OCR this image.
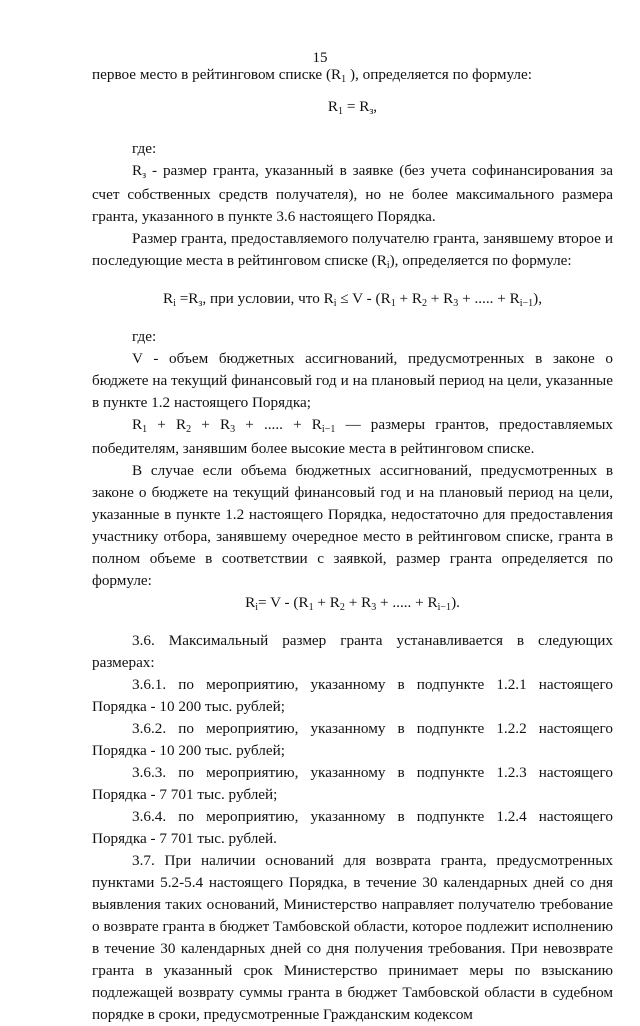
15

первое место в рейтинговом списке (R1 ), определяется по формуле:

R1 = Rз,

где:

Rз - размер гранта, указанный в заявке (без учета софинансирования за счет собственных средств получателя), но не более максимального размера гранта, указанного в пункте 3.6 настоящего Порядка.

Размер гранта, предоставляемого получателю гранта, занявшему второе и последующие места в рейтинговом списке (Ri), определяется по формуле:

Ri =Rз, при условии, что Ri ≤ V - (R1 + R2 + R3 + ..... + Ri−1),

где:

V - объем бюджетных ассигнований, предусмотренных в законе о бюджете на текущий финансовый год и на плановый период на цели, указанные в пункте 1.2 настоящего Порядка;

R1 + R2 + R3 + ..... + Ri−1 — размеры грантов, предоставляемых победителям, занявшим более высокие места в рейтинговом списке.

В случае если объема бюджетных ассигнований, предусмотренных в законе о бюджете на текущий финансовый год и на плановый период на цели, указанные в пункте 1.2 настоящего Порядка, недостаточно для предоставления участнику отбора, занявшему очередное место в рейтинговом списке, гранта в полном объеме в соответствии с заявкой, размер гранта определяется по формуле:

Ri= V - (R1 + R2 + R3 + ..... + Ri−1).

3.6. Максимальный размер гранта устанавливается в следующих размерах:

3.6.1. по мероприятию, указанному в подпункте 1.2.1 настоящего Порядка - 10 200 тыс. рублей;

3.6.2. по мероприятию, указанному в подпункте 1.2.2 настоящего Порядка - 10 200 тыс. рублей;

3.6.3. по мероприятию, указанному в подпункте 1.2.3 настоящего Порядка - 7 701 тыс. рублей;

3.6.4. по мероприятию, указанному в подпункте 1.2.4 настоящего Порядка - 7 701 тыс. рублей.

3.7. При наличии оснований для возврата гранта, предусмотренных пунктами 5.2-5.4 настоящего Порядка, в течение 30 календарных дней со дня выявления таких оснований, Министерство направляет получателю требование о возврате гранта в бюджет Тамбовской области, которое подлежит исполнению в течение 30 календарных дней со дня получения требования. При невозврате гранта в указанный срок Министерство принимает меры по взысканию подлежащей возврату суммы гранта в бюджет Тамбовской области в судебном порядке в сроки, предусмотренные Гражданским кодексом
